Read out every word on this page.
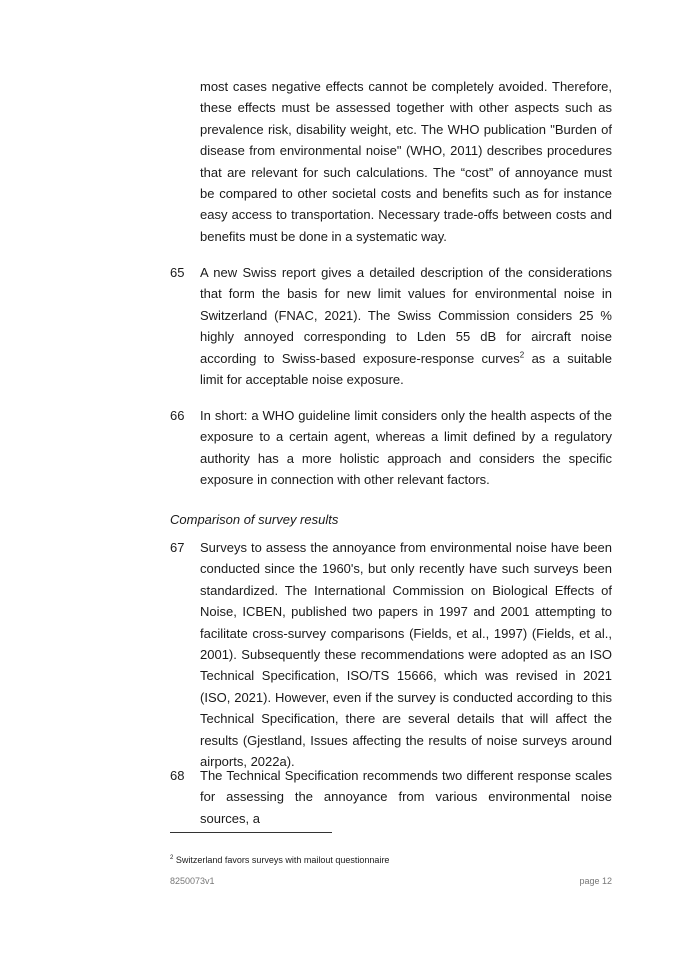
most cases negative effects cannot be completely avoided. Therefore, these effects must be assessed together with other aspects such as prevalence risk, disability weight, etc. The WHO publication "Burden of disease from environmental noise" (WHO, 2011) describes procedures that are relevant for such calculations. The “cost” of annoyance must be compared to other societal costs and benefits such as for instance easy access to transportation. Necessary trade-offs between costs and benefits must be done in a systematic way.

65 A new Swiss report gives a detailed description of the considerations that form the basis for new limit values for environmental noise in Switzerland (FNAC, 2021). The Swiss Commission considers 25 % highly annoyed corresponding to Lden 55 dB for aircraft noise according to Swiss-based exposure-response curves$^2$ as a suitable limit for acceptable noise exposure.

66 In short: a WHO guideline limit considers only the health aspects of the exposure to a certain agent, whereas a limit defined by a regulatory authority has a more holistic approach and considers the specific exposure in connection with other relevant factors.

Comparison of survey results

67 Surveys to assess the annoyance from environmental noise have been conducted since the 1960's, but only recently have such surveys been standardized. The International Commission on Biological Effects of Noise, ICBEN, published two papers in 1997 and 2001 attempting to facilitate cross-survey comparisons (Fields, et al., 1997) (Fields, et al., 2001). Subsequently these recommendations were adopted as an ISO Technical Specification, ISO/TS 15666, which was revised in 2021 (ISO, 2021). However, even if the survey is conducted according to this Technical Specification, there are several details that will affect the results (Gjestland, Issues affecting the results of noise surveys around airports, 2022a).

68 The Technical Specification recommends two different response scales for assessing the annoyance from various environmental noise sources, a

$^2$ Switzerland favors surveys with mailout questionnaire

8250073v1	page 12
